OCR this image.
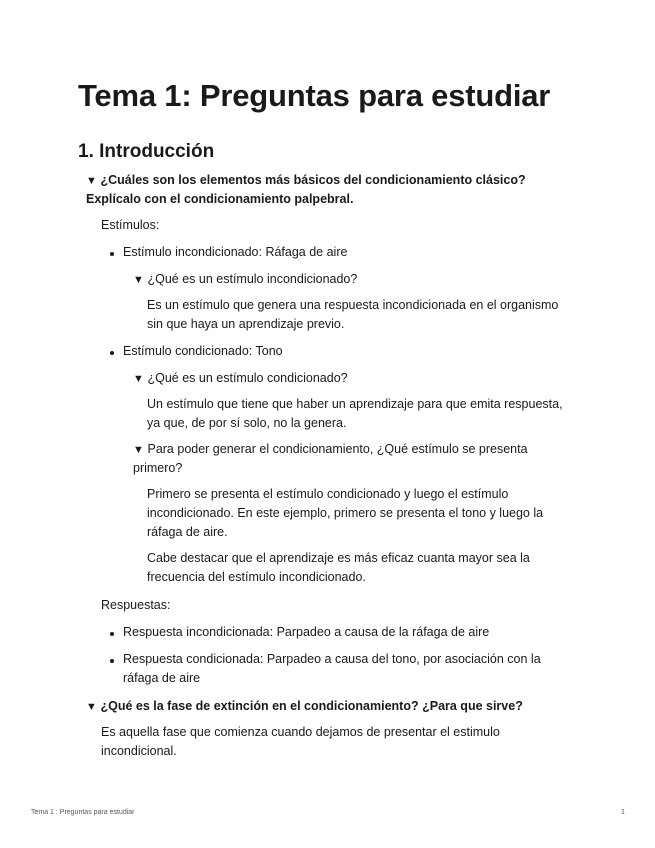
Tema 1: Preguntas para estudiar
1. Introducción

▼ ¿Cuáles son los elementos más básicos del condicionamiento clásico?

Explícalo con el condicionamiento palpebral.

Estímulos:

Estímulo incondicionado: Ráfaga de aire

▼ ¿Qué es un estímulo incondicionado?

Es un estímulo que genera una respuesta incondicionada en el organismo

sin que haya un aprendizaje previo.

Estímulo condicionado: Tono

▼ ¿Qué es un estímulo condicionado?

Un estímulo que tiene que haber un aprendizaje para que emita respuesta,

ya que, de por sí solo, no la genera.

▼ Para poder generar el condicionamiento, ¿Qué estímulo se presenta

primero?

Primero se presenta el estímulo condicionado y luego el estímulo

incondicionado. En este ejemplo, primero se presenta el tono y luego la

ráfaga de aire.

Cabe destacar que el aprendizaje es más eficaz cuanta mayor sea la

frecuencia del estímulo incondicionado.

Respuestas:

Respuesta incondicionada: Parpadeo a causa de la ráfaga de aire

Respuesta condicionada: Parpadeo a causa del tono, por asociación con la

ráfaga de aire

▼ ¿Qué es la fase de extinción en el condicionamiento? ¿Para que sirve?

Es aquella fase que comienza cuando dejamos de presentar el estimulo

incondicional.

Tema 1 : Preguntas para estudiar	1
